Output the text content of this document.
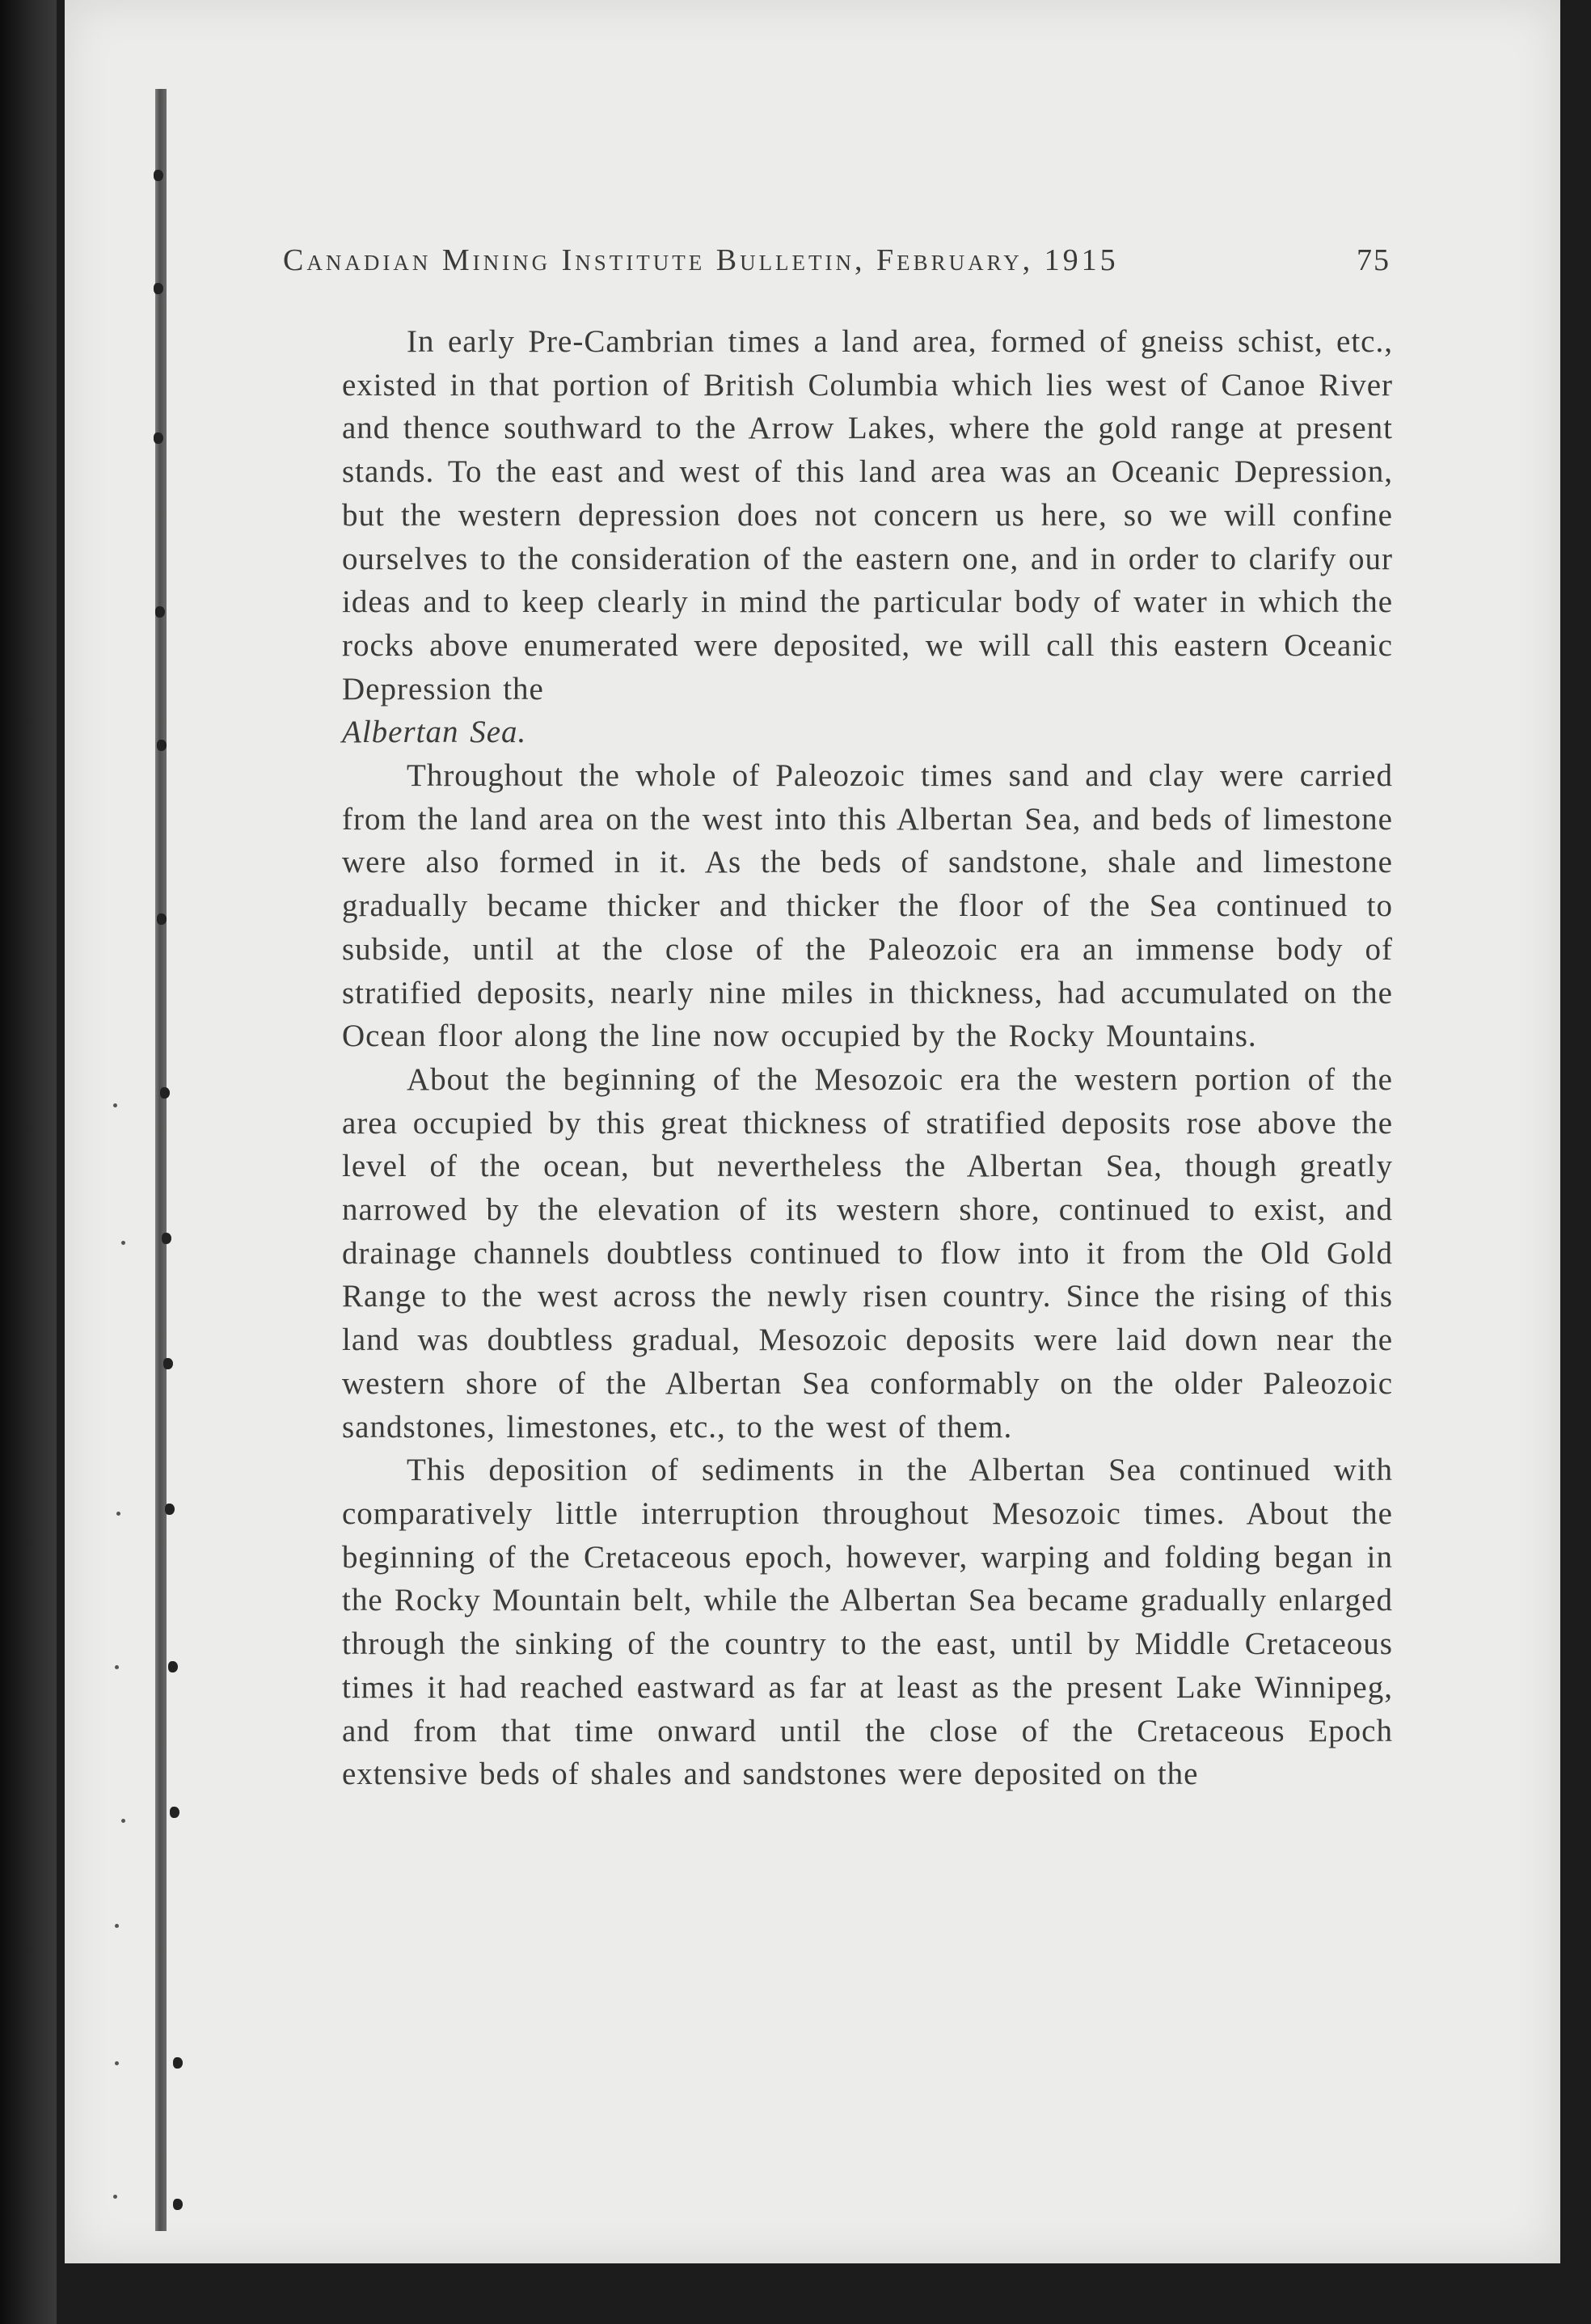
Canadian Mining Institute Bulletin, February, 1915	75

In early Pre-Cambrian times a land area, formed of gneiss schist, etc., existed in that portion of British Columbia which lies west of Canoe River and thence southward to the Arrow Lakes, where the gold range at present stands. To the east and west of this land area was an Oceanic Depression, but the western depression does not concern us here, so we will confine ourselves to the consideration of the eastern one, and in order to clarify our ideas and to keep clearly in mind the particular body of water in which the rocks above enumerated were deposited, we will call this eastern Oceanic Depression the
Albertan Sea.

Throughout the whole of Paleozoic times sand and clay were carried from the land area on the west into this Albertan Sea, and beds of limestone were also formed in it. As the beds of sandstone, shale and limestone gradually became thicker and thicker the floor of the Sea continued to subside, until at the close of the Paleozoic era an immense body of stratified deposits, nearly nine miles in thickness, had accumulated on the Ocean floor along the line now occupied by the Rocky Mountains.

About the beginning of the Mesozoic era the western portion of the area occupied by this great thickness of stratified deposits rose above the level of the ocean, but nevertheless the Albertan Sea, though greatly narrowed by the elevation of its western shore, continued to exist, and drainage channels doubtless continued to flow into it from the Old Gold Range to the west across the newly risen country. Since the rising of this land was doubtless gradual, Mesozoic deposits were laid down near the western shore of the Albertan Sea conformably on the older Paleozoic sandstones, limestones, etc., to the west of them.

This deposition of sediments in the Albertan Sea continued with comparatively little interruption throughout Mesozoic times. About the beginning of the Cretaceous epoch, however, warping and folding began in the Rocky Mountain belt, while the Albertan Sea became gradually enlarged through the sinking of the country to the east, until by Middle Cretaceous times it had reached eastward as far at least as the present Lake Winnipeg, and from that time onward until the close of the Cretaceous Epoch extensive beds of shales and sandstones were deposited on the
